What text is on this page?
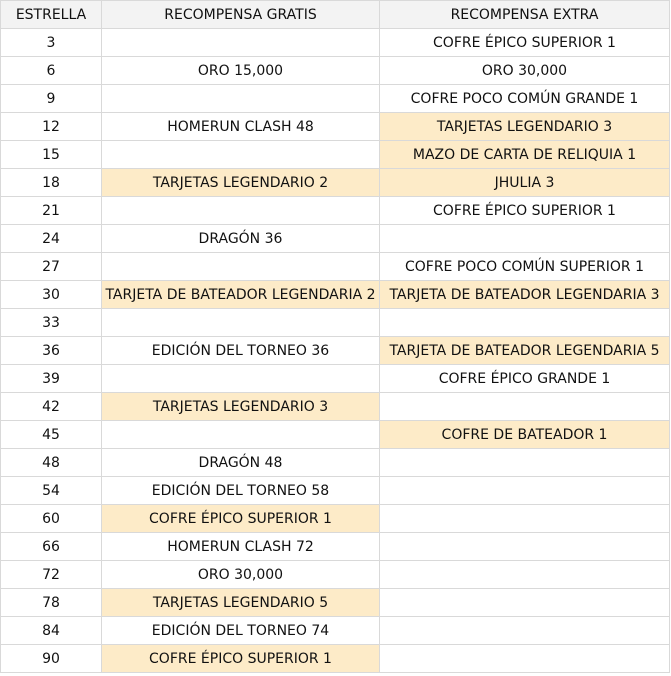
ESTRELLA	RECOMPENSA GRATIS	RECOMPENSA EXTRA
3		COFRE ÉPICO SUPERIOR 1
6	ORO 15,000	ORO 30,000
9		COFRE POCO COMÚN GRANDE 1
12	HOMERUN CLASH 48	TARJETAS LEGENDARIO 3
15		MAZO DE CARTA DE RELIQUIA 1
18	TARJETAS LEGENDARIO 2	JHULIA 3
21		COFRE ÉPICO SUPERIOR 1
24	DRAGÓN 36	
27		COFRE POCO COMÚN SUPERIOR 1
30	TARJETA DE BATEADOR LEGENDARIA 2	TARJETA DE BATEADOR LEGENDARIA 3
33		
36	EDICIÓN DEL TORNEO 36	TARJETA DE BATEADOR LEGENDARIA 5
39		COFRE ÉPICO GRANDE 1
42	TARJETAS LEGENDARIO 3	
45		COFRE DE BATEADOR 1
48	DRAGÓN 48	
54	EDICIÓN DEL TORNEO 58	
60	COFRE ÉPICO SUPERIOR 1	
66	HOMERUN CLASH 72	
72	ORO 30,000	
78	TARJETAS LEGENDARIO 5	
84	EDICIÓN DEL TORNEO 74	
90	COFRE ÉPICO SUPERIOR 1	
